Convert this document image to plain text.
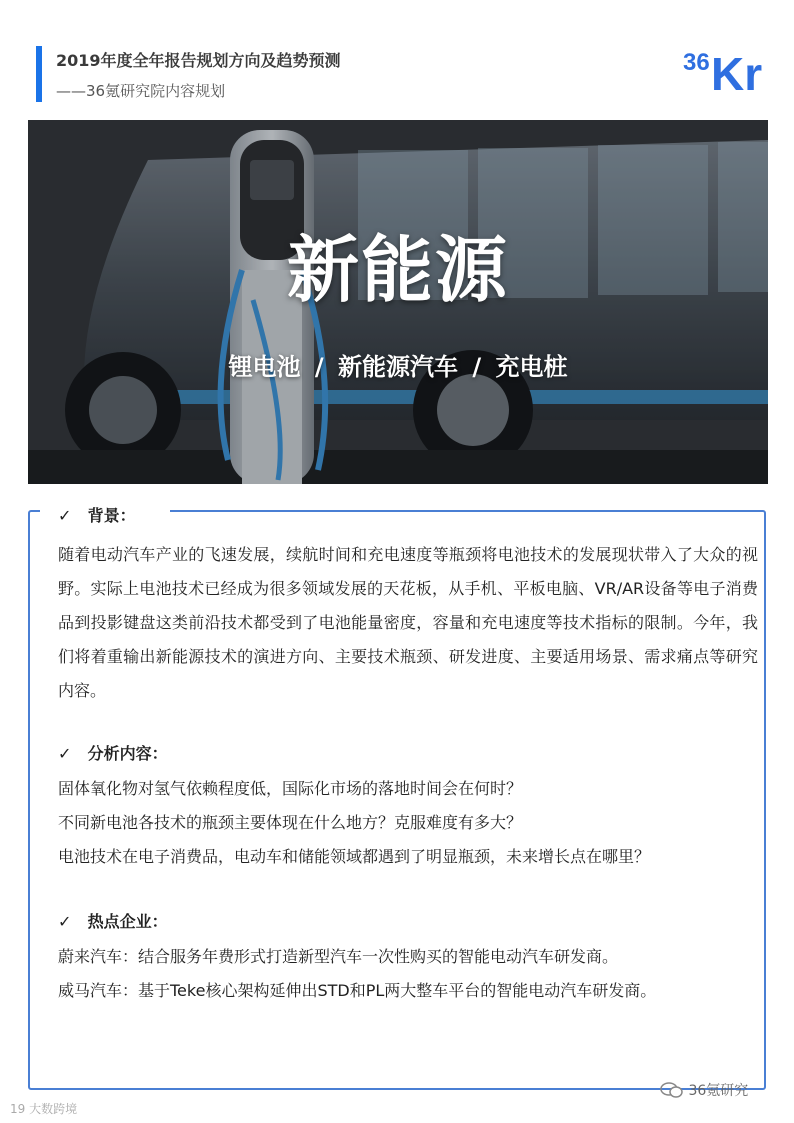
2019年度全年报告规划方向及趋势预测
——36氪研究院内容规划
36 Kr
新能源
锂电池 / 新能源汽车 / 充电桩
✓ 背景：
随着电动汽车产业的飞速发展，续航时间和充电速度等瓶颈将电池技术的发展现状带入了大众的视野。实际上电池技术已经成为很多领域发展的天花板，从手机、平板电脑、VR/AR设备等电子消费品到投影键盘这类前沿技术都受到了电池能量密度，容量和充电速度等技术指标的限制。今年，我们将着重输出新能源技术的演进方向、主要技术瓶颈、研发进度、主要适用场景、需求痛点等研究内容。
✓ 分析内容：
固体氧化物对氢气依赖程度低，国际化市场的落地时间会在何时？
不同新电池各技术的瓶颈主要体现在什么地方？克服难度有多大？
电池技术在电子消费品，电动车和储能领域都遇到了明显瓶颈，未来增长点在哪里？
✓ 热点企业：
蔚来汽车：结合服务年费形式打造新型汽车一次性购买的智能电动汽车研发商。
威马汽车：基于Teke核心架构延伸出STD和PL两大整车平台的智能电动汽车研发商。
19 大数跨境
36氪研究
